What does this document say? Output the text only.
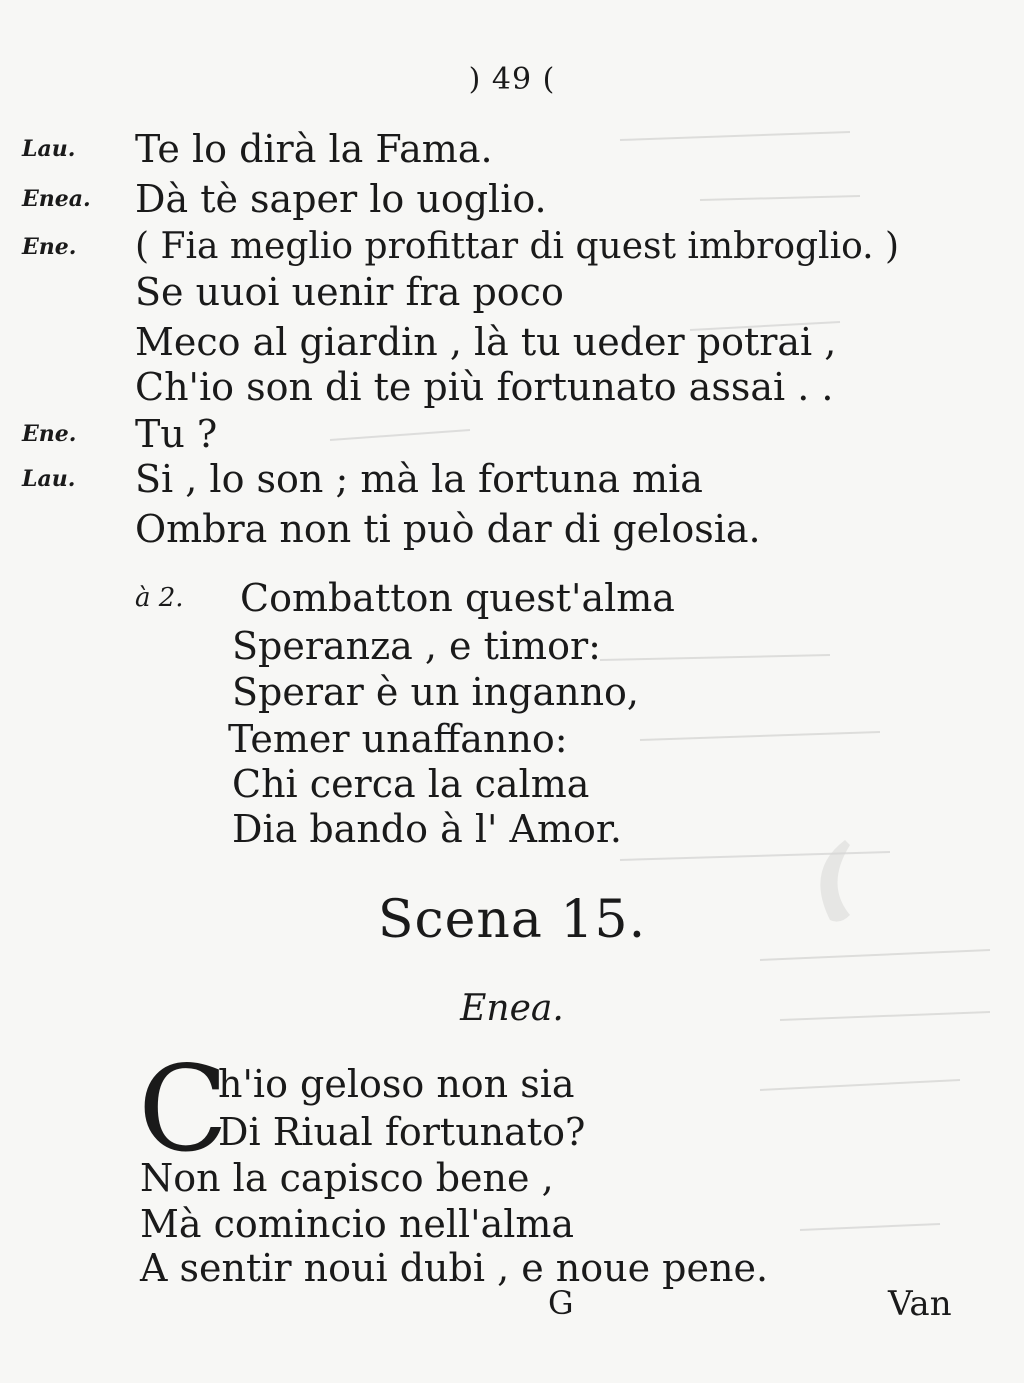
) 49 (
Lau. Te lo dirà la Fama.
Enea. Dà tè saper lo uoglio.
Ene. ( Fia meglio profittar di quest imbroglio. )
Se uuoi uenir fra poco
Meco al giardin , là tu ueder potrai ,
Ch'io son di te più fortunato assai . .
Ene. Tu ?
Lau. Si , lo son ; mà la fortuna mia
Ombra non ti può dar di gelosia.
à 2. Combatton quest'alma
Speranza , e timor:
Sperar è un inganno,
Temer unaffanno:
Chi cerca la calma
Dia bando à l' Amor.
Scena 15.
Enea.
C
h'io geloso non sia
Di Riual fortunato?
Non la capisco bene ,
Mà comincio nell'alma
A sentir noui dubi , e noue pene.
G	Van
